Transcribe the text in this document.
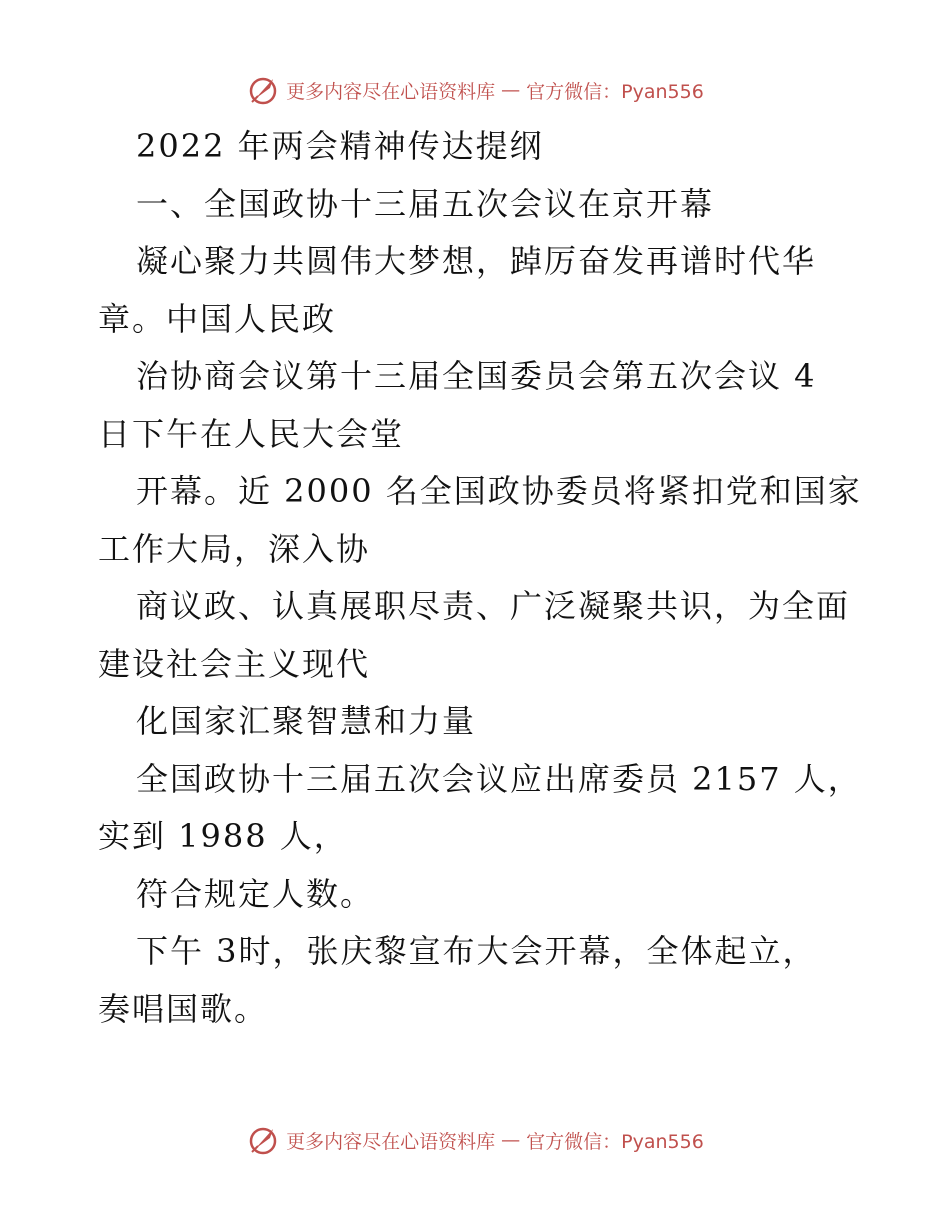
更多内容尽在心语资料库 — 官方微信：Pyan556
2022 年两会精神传达提纲
一、全国政协十三届五次会议在京开幕
凝心聚力共圆伟大梦想，踔厉奋发再谱时代华
章。中国人民政
治协商会议第十三届全国委员会第五次会议 4
日下午在人民大会堂
开幕。近 2000 名全国政协委员将紧扣党和国家
工作大局，深入协
商议政、认真展职尽责、广泛凝聚共识，为全面
建设社会主义现代
化国家汇聚智慧和力量
全国政协十三届五次会议应出席委员 2157 人，
实到 1988 人，
符合规定人数。
下午 3时，张庆黎宣布大会开幕，全体起立，
奏唱国歌。
更多内容尽在心语资料库 — 官方微信：Pyan556
